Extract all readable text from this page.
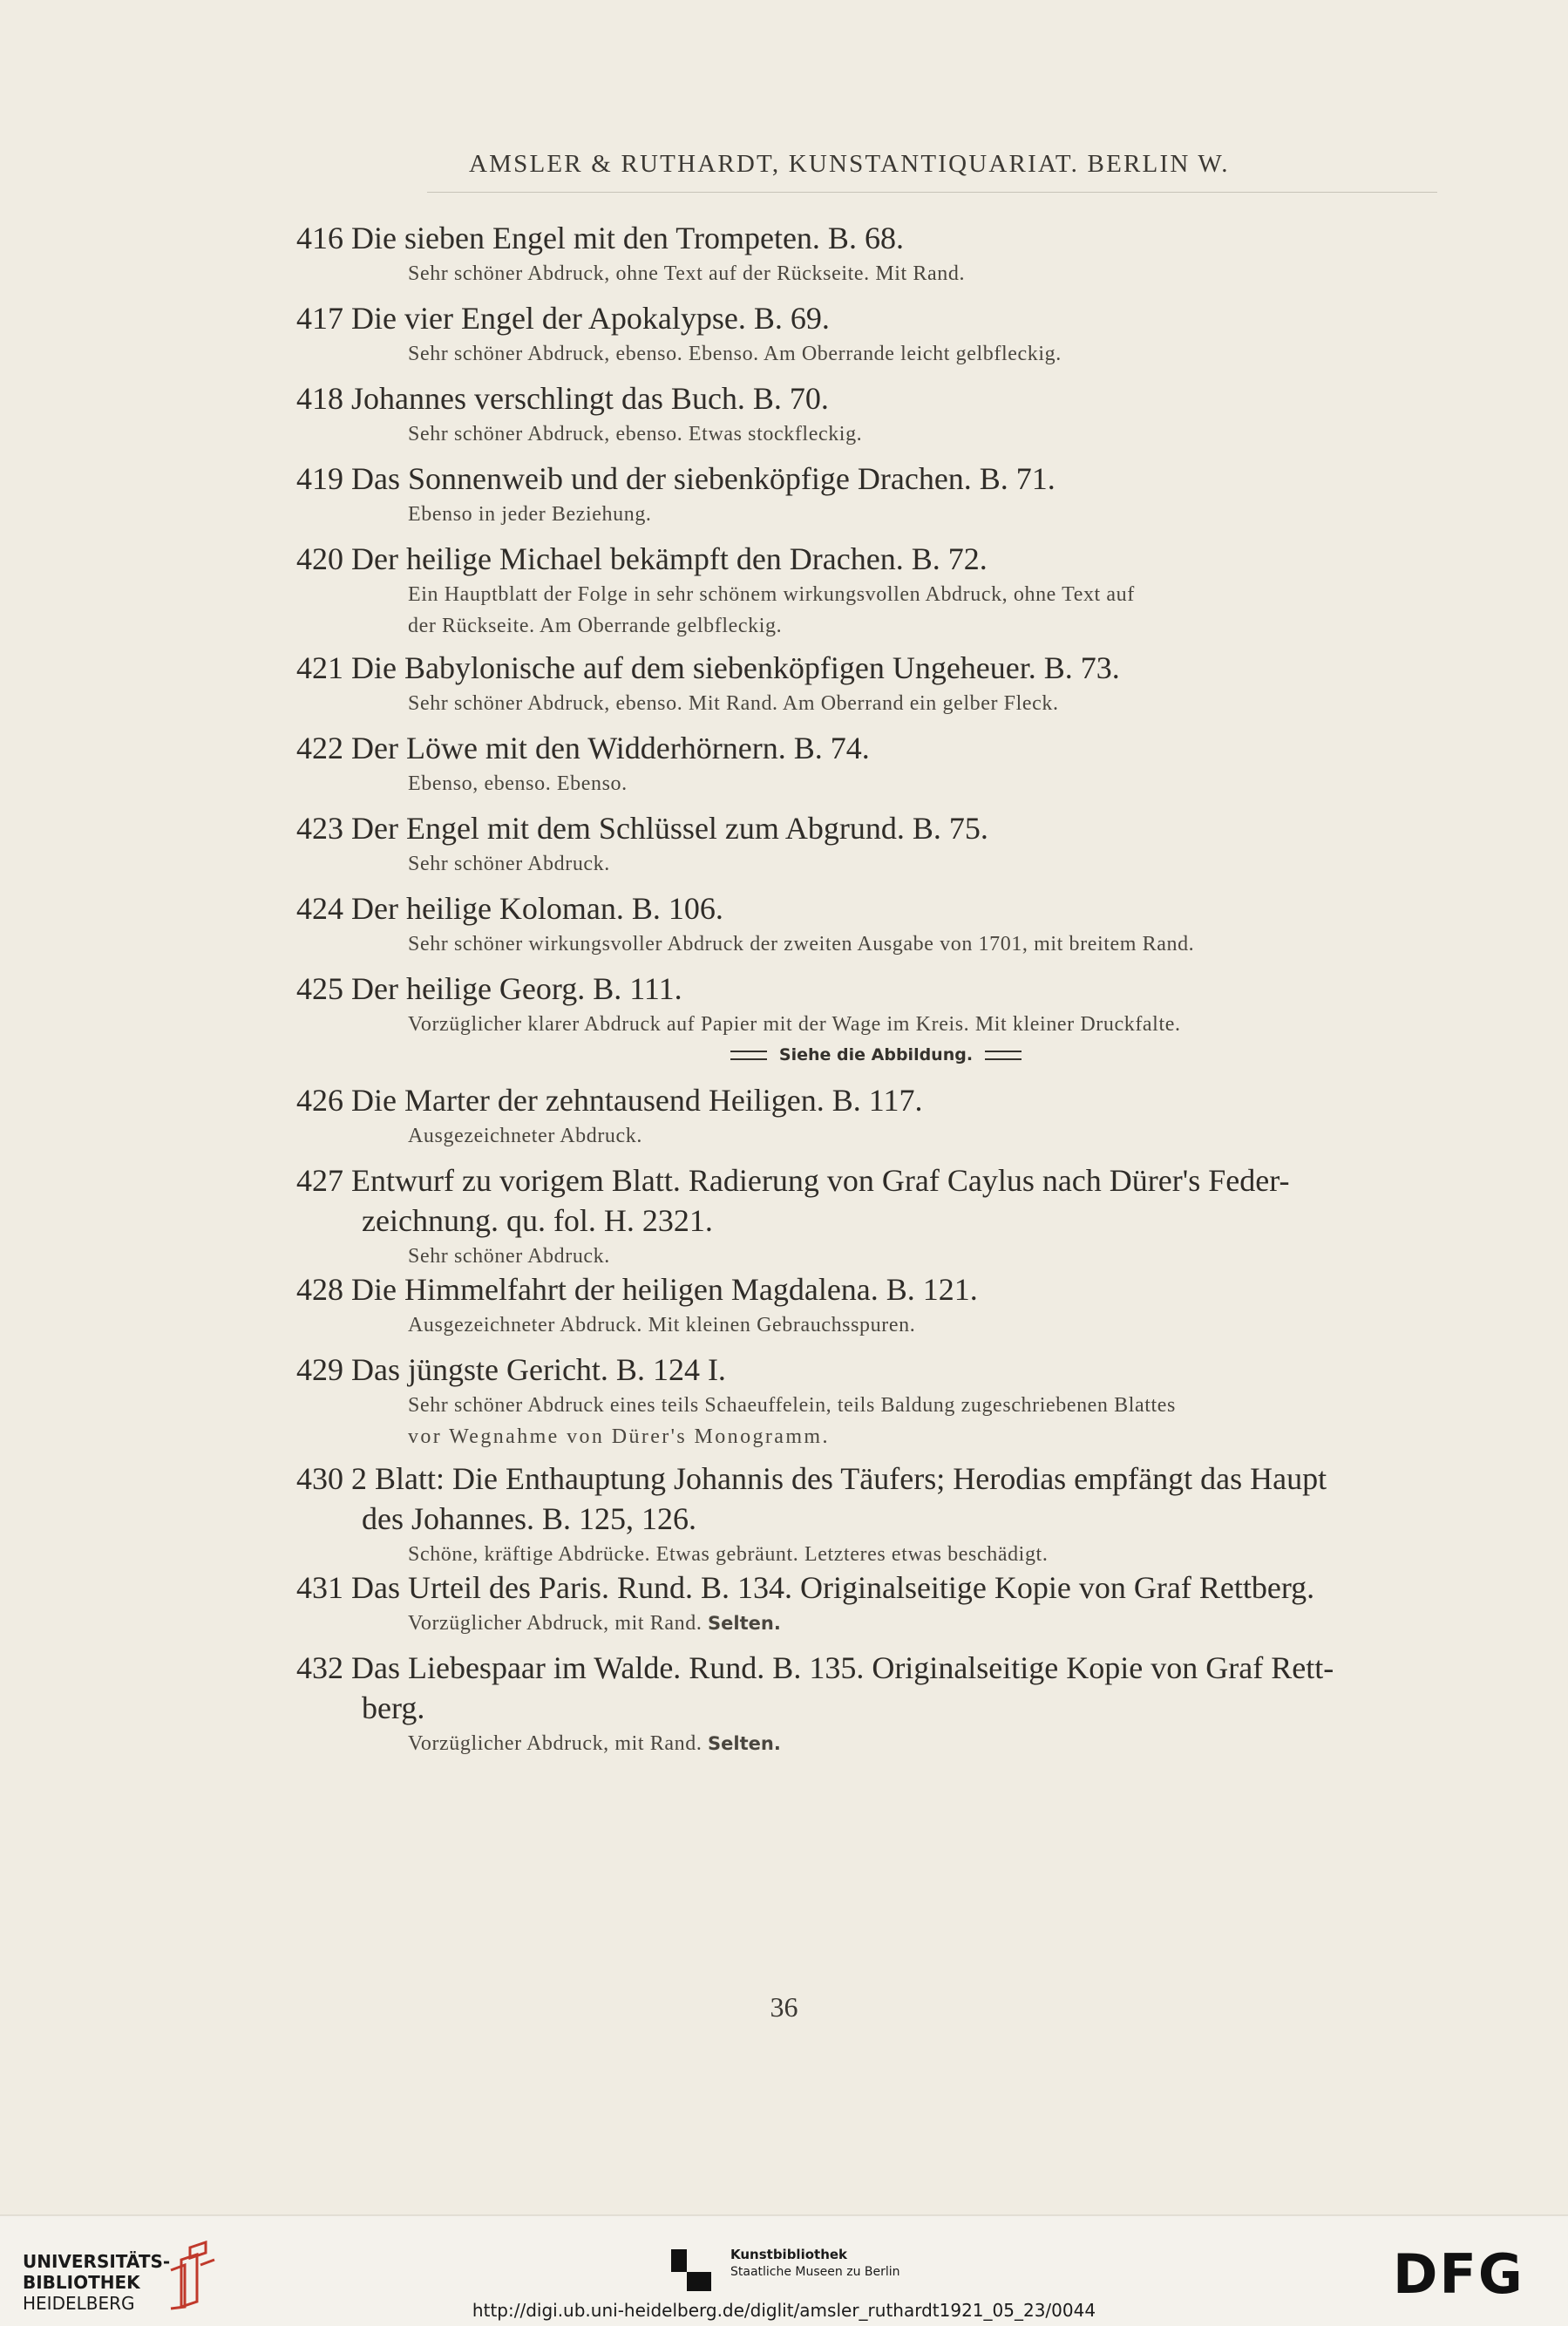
AMSLER & RUTHARDT, KUNSTANTIQUARIAT. BERLIN W.
416 Die sieben Engel mit den Trompeten. B. 68.
Sehr schöner Abdruck, ohne Text auf der Rückseite. Mit Rand.
417 Die vier Engel der Apokalypse. B. 69.
Sehr schöner Abdruck, ebenso. Ebenso. Am Oberrande leicht gelbfleckig.
418 Johannes verschlingt das Buch. B. 70.
Sehr schöner Abdruck, ebenso. Etwas stockfleckig.
419 Das Sonnenweib und der siebenköpfige Drachen. B. 71.
Ebenso in jeder Beziehung.
420 Der heilige Michael bekämpft den Drachen. B. 72.
Ein Hauptblatt der Folge in sehr schönem wirkungsvollen Abdruck, ohne Text auf
der Rückseite. Am Oberrande gelbfleckig.
421 Die Babylonische auf dem siebenköpfigen Ungeheuer. B. 73.
Sehr schöner Abdruck, ebenso. Mit Rand. Am Oberrand ein gelber Fleck.
422 Der Löwe mit den Widderhörnern. B. 74.
Ebenso, ebenso. Ebenso.
423 Der Engel mit dem Schlüssel zum Abgrund. B. 75.
Sehr schöner Abdruck.
424 Der heilige Koloman. B. 106.
Sehr schöner wirkungsvoller Abdruck der zweiten Ausgabe von 1701, mit breitem Rand.
425 Der heilige Georg. B. 111.
Vorzüglicher klarer Abdruck auf Papier mit der Wage im Kreis. Mit kleiner Druckfalte.
Siehe die Abbildung.
426 Die Marter der zehntausend Heiligen. B. 117.
Ausgezeichneter Abdruck.
427 Entwurf zu vorigem Blatt. Radierung von Graf Caylus nach Dürer's Feder-
zeichnung. qu. fol. H. 2321.
Sehr schöner Abdruck.
428 Die Himmelfahrt der heiligen Magdalena. B. 121.
Ausgezeichneter Abdruck. Mit kleinen Gebrauchsspuren.
429 Das jüngste Gericht. B. 124 I.
Sehr schöner Abdruck eines teils Schaeuffelein, teils Baldung zugeschriebenen Blattes
vor Wegnahme von Dürer's Monogramm.
430 2 Blatt: Die Enthauptung Johannis des Täufers; Herodias empfängt das Haupt
des Johannes. B. 125, 126.
Schöne, kräftige Abdrücke. Etwas gebräunt. Letzteres etwas beschädigt.
431 Das Urteil des Paris. Rund. B. 134. Originalseitige Kopie von Graf Rettberg.
Vorzüglicher Abdruck, mit Rand. Selten.
432 Das Liebespaar im Walde. Rund. B. 135. Originalseitige Kopie von Graf Rett-
berg.
Vorzüglicher Abdruck, mit Rand. Selten.
36
UNIVERSITÄTS-
BIBLIOTHEK
HEIDELBERG
Kunstbibliothek
Staatliche Museen zu Berlin	DFG
http://digi.ub.uni-heidelberg.de/diglit/amsler_ruthardt1921_05_23/0044
